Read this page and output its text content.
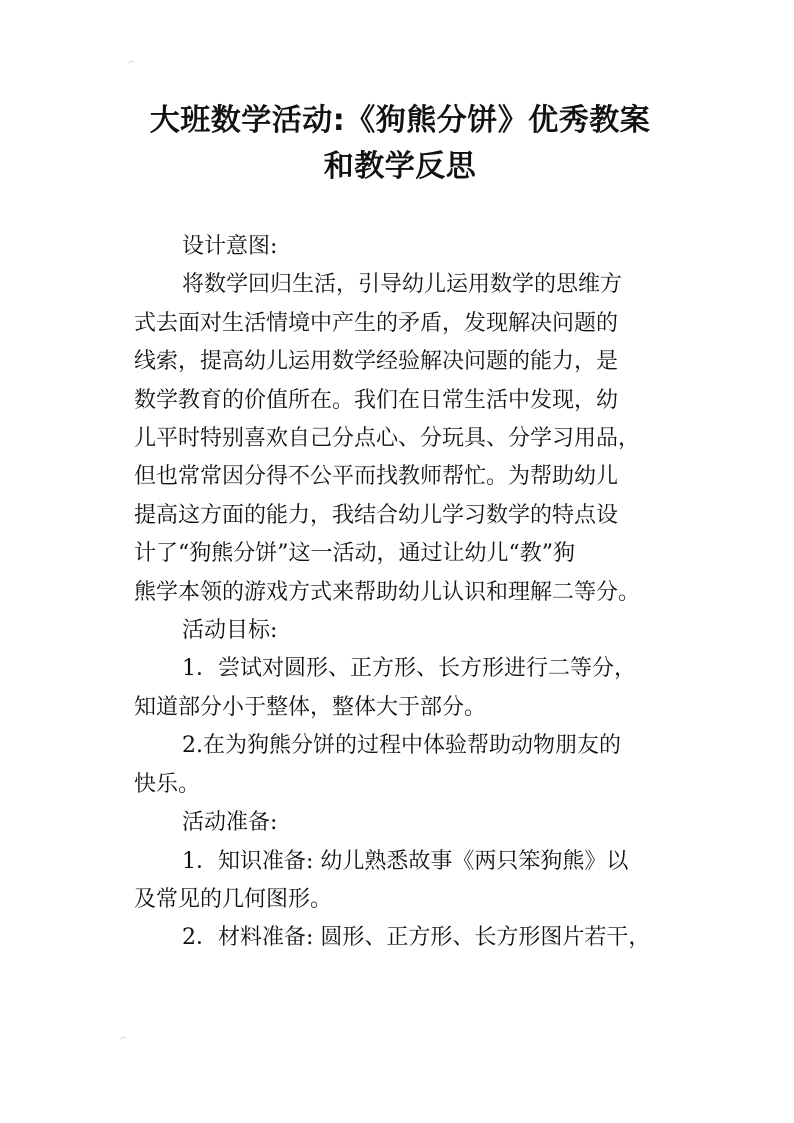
⌐
⌐
大班数学活动:《狗熊分饼》优秀教案
和教学反思

设计意图:

将数学回归生活，引导幼儿运用数学的思维方
式去面对生活情境中产生的矛盾，发现解决问题的
线索，提高幼儿运用数学经验解决问题的能力，是
数学教育的价值所在。我们在日常生活中发现，幼
儿平时特别喜欢自己分点心、分玩具、分学习用品，
但也常常因分得不公平而找教师帮忙。为帮助幼儿
提高这方面的能力，我结合幼儿学习数学的特点设
计了“狗熊分饼”这一活动，通过让幼儿“教”狗
熊学本领的游戏方式来帮助幼儿认识和理解二等分。

活动目标:

1．尝试对圆形、正方形、长方形进行二等分，
知道部分小于整体，整体大于部分。

2.在为狗熊分饼的过程中体验帮助动物朋友的
快乐。

活动准备:

1．知识准备: 幼儿熟悉故事《两只笨狗熊》以
及常见的几何图形。

2．材料准备: 圆形、正方形、长方形图片若干，
